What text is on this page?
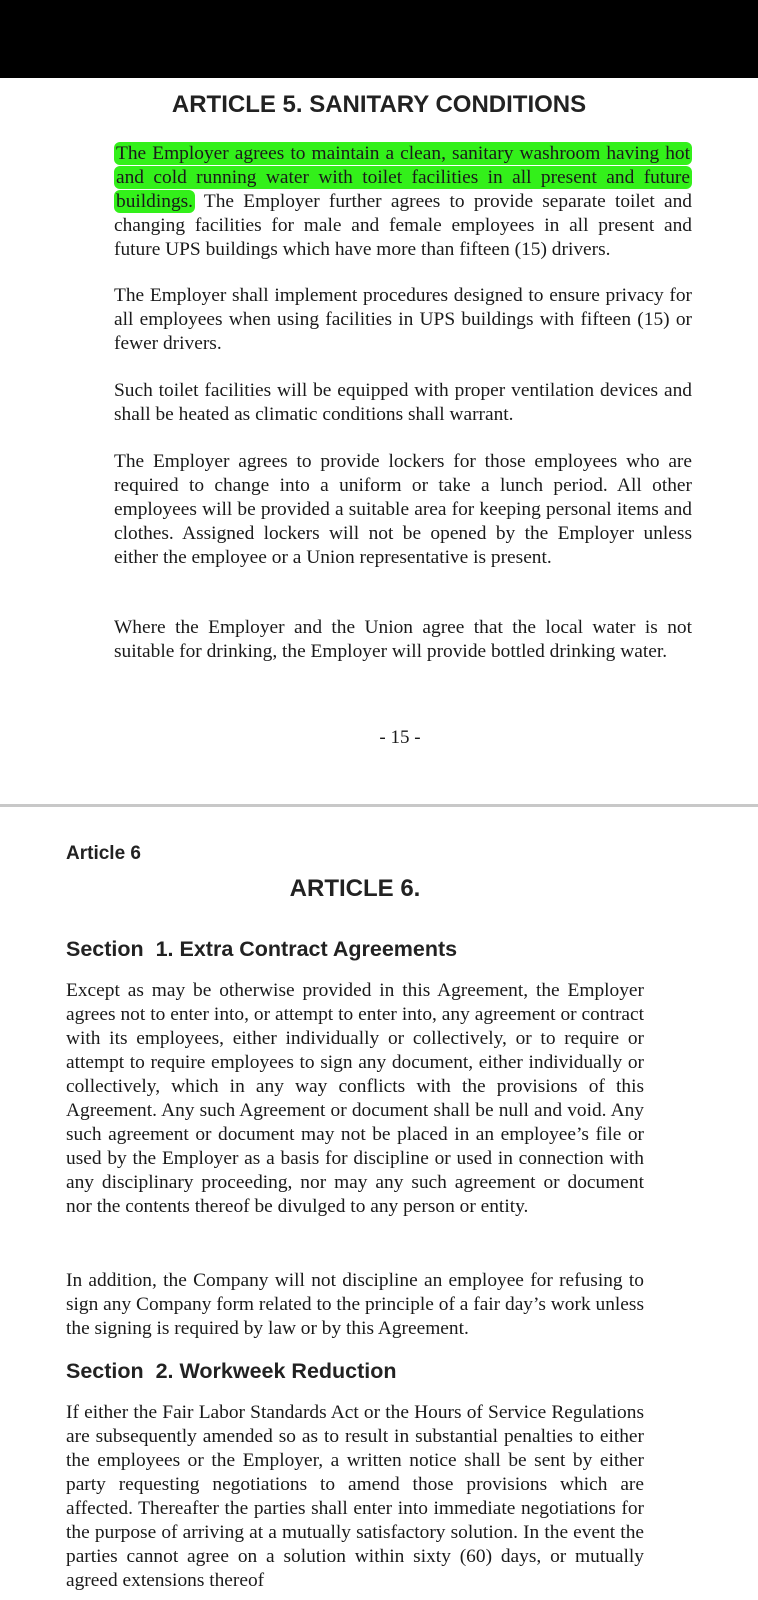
ARTICLE 5. SANITARY CONDITIONS

The Employer agrees to maintain a clean, sanitary washroom having hot and cold running water with toilet facilities in all present and future buildings. The Employer further agrees to provide separate toilet and changing facilities for male and female employees in all present and future UPS buildings which have more than fifteen (15) drivers.

The Employer shall implement procedures designed to ensure privacy for all employees when using facilities in UPS buildings with fifteen (15) or fewer drivers.

Such toilet facilities will be equipped with proper ventilation devices and shall be heated as climatic conditions shall warrant.

The Employer agrees to provide lockers for those employees who are required to change into a uniform or take a lunch period. All other employees will be provided a suitable area for keeping personal items and clothes. Assigned lockers will not be opened by the Employer unless either the employee or a Union representative is present.

Where the Employer and the Union agree that the local water is not suitable for drinking, the Employer will provide bottled drinking water.

- 15 -
Article 6
ARTICLE 6.
Section  1. Extra Contract Agreements

Except as may be otherwise provided in this Agreement, the Employer agrees not to enter into, or attempt to enter into, any agreement or contract with its employees, either individually or collectively, or to require or attempt to require employees to sign any document, either individually or collectively, which in any way conflicts with the provisions of this Agreement. Any such Agreement or document shall be null and void. Any such agreement or document may not be placed in an employee’s file or used by the Employer as a basis for discipline or used in connection with any disciplinary proceeding, nor may any such agreement or document nor the contents thereof be divulged to any person or entity.

In addition, the Company will not discipline an employee for refusing to sign any Company form related to the principle of a fair day’s work unless the signing is required by law or by this Agreement.

Section  2. Workweek Reduction

If either the Fair Labor Standards Act or the Hours of Service Regulations are subsequently amended so as to result in substantial penalties to either the employees or the Employer, a written notice shall be sent by either party requesting negotiations to amend those provisions which are affected. Thereafter the parties shall enter into immediate negotiations for the purpose of arriving at a mutually satisfactory solution. In the event the parties cannot agree on a solution within sixty (60) days, or mutually agreed extensions thereof
